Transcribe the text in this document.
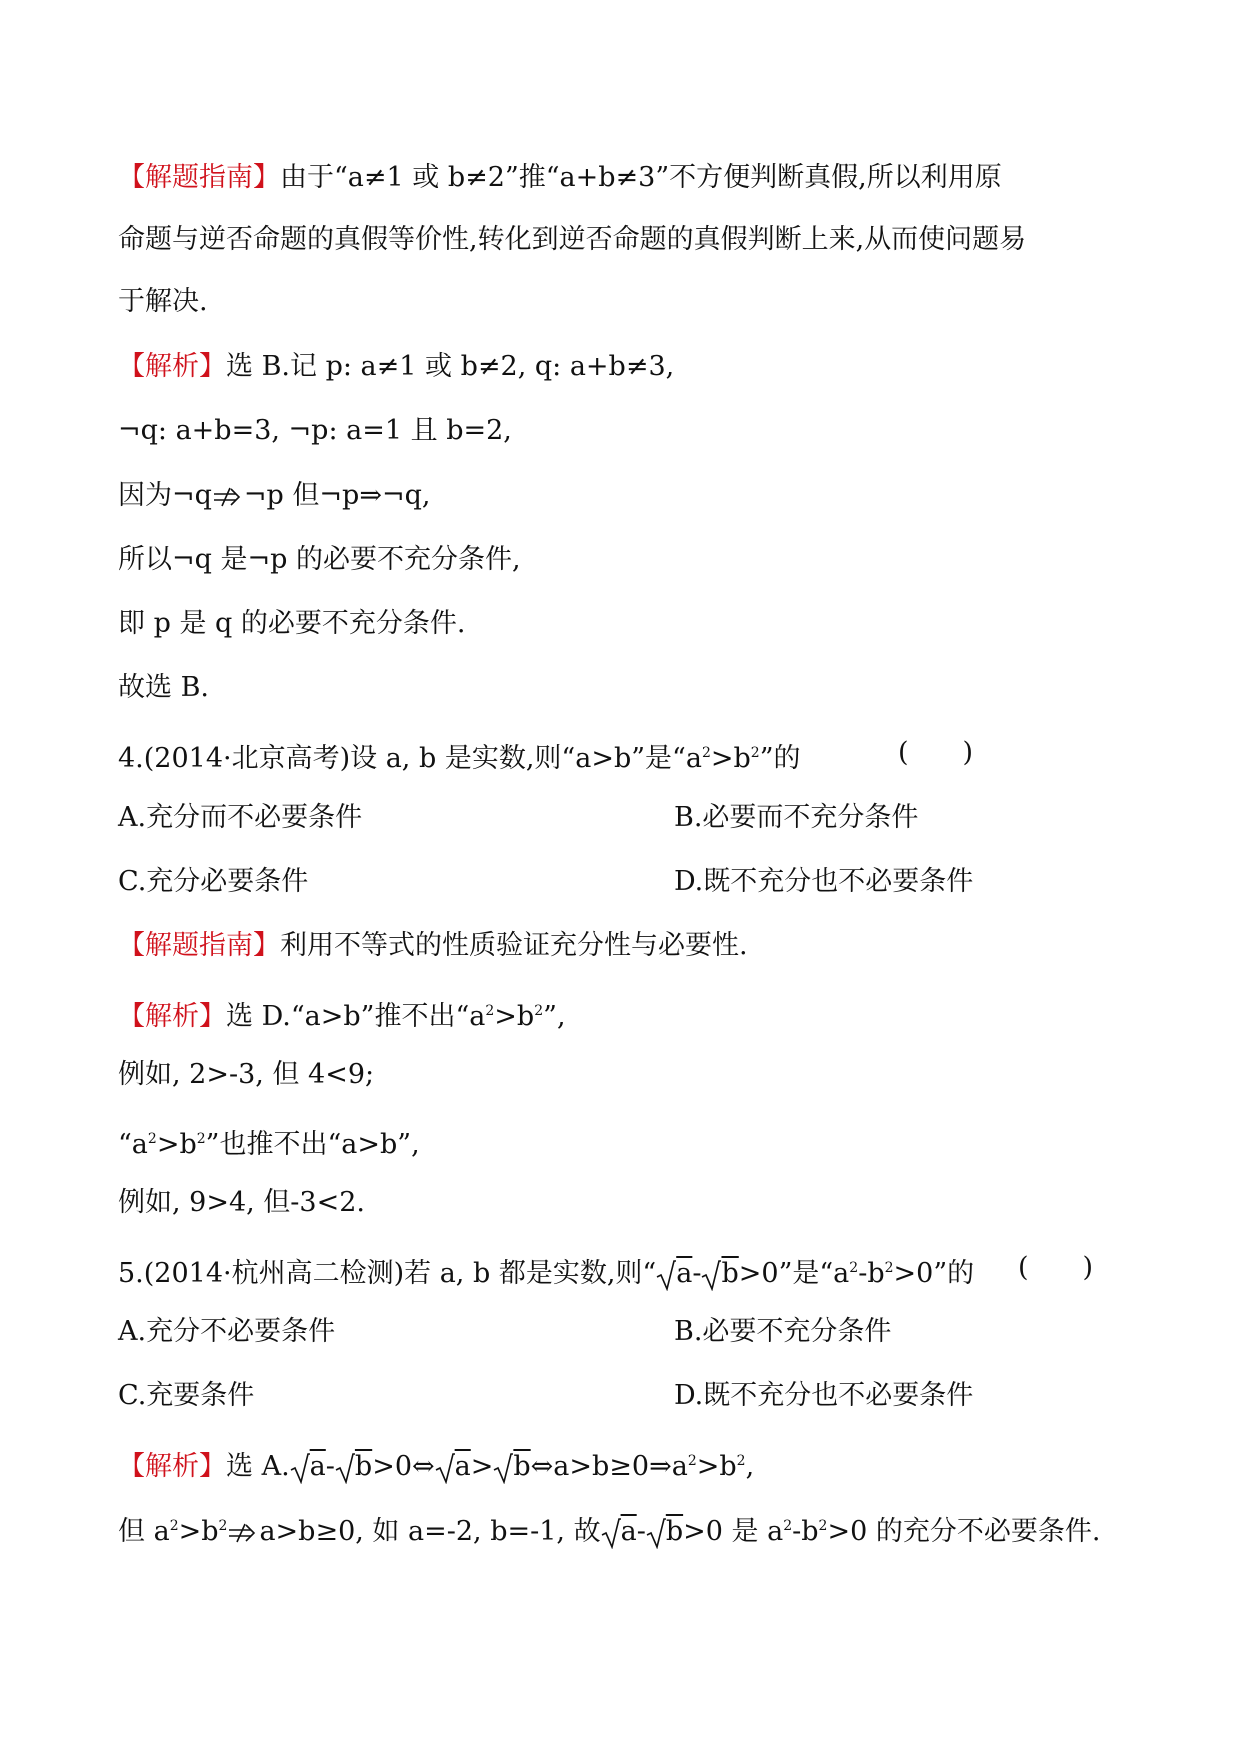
【解题指南】由于“a≠1 或 b≠2”推“a+b≠3”不方便判断真假,所以利用原
命题与逆否命题的真假等价性,转化到逆否命题的真假判断上来,从而使问题易
于解决.
【解析】选 B.记 p: a≠1 或 b≠2, q: a+b≠3,
¬q: a+b=3, ¬p: a=1 且 b=2,
因为¬q ¬p 但¬p⇒¬q,
所以¬q 是¬p 的必要不充分条件,
即 p 是 q 的必要不充分条件.
故选 B.
4.(2014·北京高考)设 a, b 是实数,则“a>b”是“$a^2>b^2$”的	(　　)
A.充分而不必要条件	B.必要而不充分条件
C.充分必要条件	D.既不充分也不必要条件
【解题指南】利用不等式的性质验证充分性与必要性.
【解析】选 D.“a>b”推不出“$a^2>b^2$”,
例如, 2>-3, 但 4<9;
“$a^2>b^2$”也推不出“a>b”,
例如, 9>4, 但-3<2.
5.(2014·杭州高二检测)若 a, b 都是实数,则“ $\overline{a}-$ $\overline{b}>0$”是“$a^2-b^2>0$”的 (　　)
A.充分不必要条件	B.必要不充分条件
C.充要条件	D.既不充分也不必要条件
【解析】选 A. $\overline{a}-$ $\overline{b}>0\Leftrightarrow$ $\overline{a}>$ $\overline{b}\Leftrightarrow a>b\ge 0\Rightarrow a^2>b^2$,
但 $a^2>b^2$ a>b≥0, 如 a=-2, b=-1, 故 $\overline{a}-$ $\overline{b}>0$ 是 $a^2-b^2>0$ 的充分不必要条件.
